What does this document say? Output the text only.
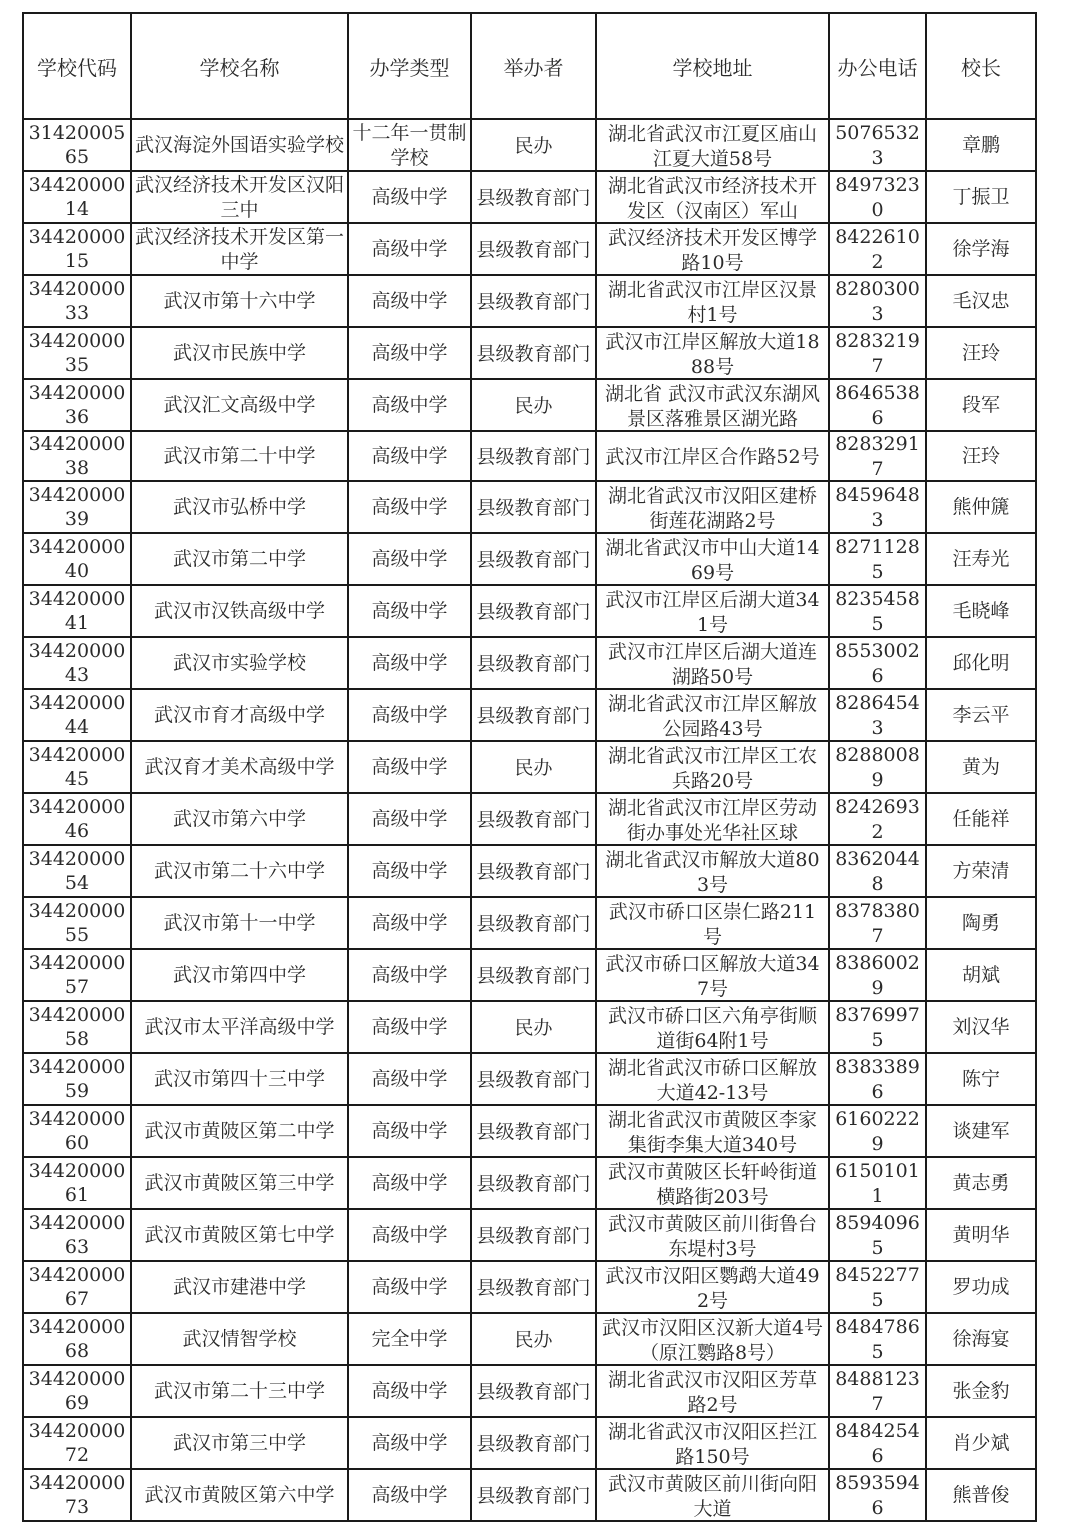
学校代码	学校名称	办学类型	举办者	学校地址	办公电话	校长

3142000565	武汉海淀外国语实验学校	十二年一贯制学校	民办	湖北省武汉市江夏区庙山江夏大道58号	50765323	章鹏

3442000014	武汉经济技术开发区汉阳三中	高级中学	县级教育部门	湖北省武汉市经济技术开发区（汉南区）军山	84973230	丁振卫

3442000015	武汉经济技术开发区第一中学	高级中学	县级教育部门	武汉经济技术开发区博学路10号	84226102	徐学海

3442000033	武汉市第十六中学	高级中学	县级教育部门	湖北省武汉市江岸区汉景村1号	82803003	毛汉忠

3442000035	武汉市民族中学	高级中学	县级教育部门	武汉市江岸区解放大道1888号	82832197	汪玲

3442000036	武汉汇文高级中学	高级中学	民办	湖北省 武汉市武汉东湖风景区落雅景区湖光路	86465386	段军

3442000038	武汉市第二十中学	高级中学	县级教育部门	武汉市江岸区合作路52号	82832917	汪玲

3442000039	武汉市弘桥中学	高级中学	县级教育部门	湖北省武汉市汉阳区建桥街莲花湖路2号	84596483	熊仲篪

3442000040	武汉市第二中学	高级中学	县级教育部门	湖北省武汉市中山大道1469号	82711285	汪寿光

3442000041	武汉市汉铁高级中学	高级中学	县级教育部门	武汉市江岸区后湖大道341号	82354585	毛晓峰

3442000043	武汉市实验学校	高级中学	县级教育部门	武汉市江岸区后湖大道连湖路50号	85530026	邱化明

3442000044	武汉市育才高级中学	高级中学	县级教育部门	湖北省武汉市江岸区解放公园路43号	82864543	李云平

3442000045	武汉育才美术高级中学	高级中学	民办	湖北省武汉市江岸区工农兵路20号	82880089	黄为

3442000046	武汉市第六中学	高级中学	县级教育部门	湖北省武汉市江岸区劳动街办事处光华社区球	82426932	任能祥

3442000054	武汉市第二十六中学	高级中学	县级教育部门	湖北省武汉市解放大道803号	83620448	方荣清

3442000055	武汉市第十一中学	高级中学	县级教育部门	武汉市硚口区崇仁路211号	83783807	陶勇

3442000057	武汉市第四中学	高级中学	县级教育部门	武汉市硚口区解放大道347号	83860029	胡斌

3442000058	武汉市太平洋高级中学	高级中学	民办	武汉市硚口区六角亭街顺道街64附1号	83769975	刘汉华

3442000059	武汉市第四十三中学	高级中学	县级教育部门	湖北省武汉市硚口区解放大道42-13号	83833896	陈宁

3442000060	武汉市黄陂区第二中学	高级中学	县级教育部门	湖北省武汉市黄陂区李家集街李集大道340号	61602229	谈建军

3442000061	武汉市黄陂区第三中学	高级中学	县级教育部门	武汉市黄陂区长轩岭街道横路街203号	61501011	黄志勇

3442000063	武汉市黄陂区第七中学	高级中学	县级教育部门	武汉市黄陂区前川街鲁台东堤村3号	85940965	黄明华

3442000067	武汉市建港中学	高级中学	县级教育部门	武汉市汉阳区鹦鹉大道492号	84522775	罗功成

3442000068	武汉情智学校	完全中学	民办	武汉市汉阳区汉新大道4号（原江鹦路8号）	84847865	徐海宴

3442000069	武汉市第二十三中学	高级中学	县级教育部门	湖北省武汉市汉阳区芳草路2号	84881237	张金豹

3442000072	武汉市第三中学	高级中学	县级教育部门	湖北省武汉市汉阳区拦江路150号	84842546	肖少斌

3442000073	武汉市黄陂区第六中学	高级中学	县级教育部门	武汉市黄陂区前川街向阳大道	85935946	熊普俊
